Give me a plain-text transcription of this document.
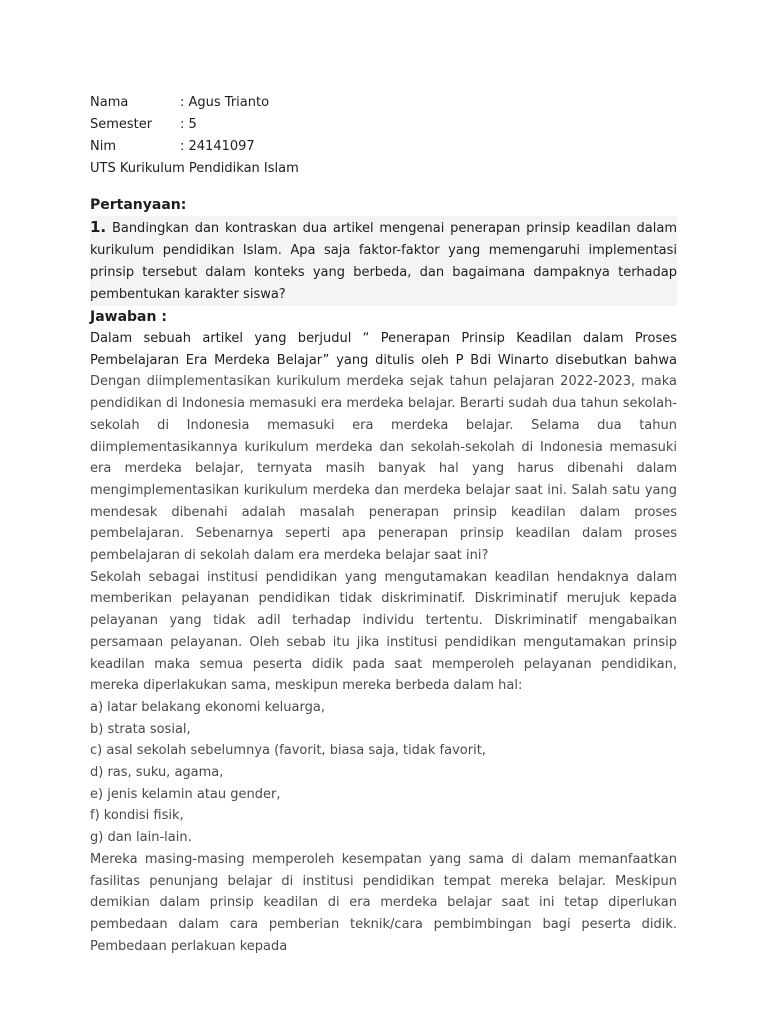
Nama	: Agus Trianto
Semester	: 5
Nim	: 24141097
UTS Kurikulum Pendidikan Islam
Pertanyaan:
1. Bandingkan dan kontraskan dua artikel mengenai penerapan prinsip keadilan dalam kurikulum pendidikan Islam. Apa saja faktor-faktor yang memengaruhi implementasi prinsip tersebut dalam konteks yang berbeda, dan bagaimana dampaknya terhadap pembentukan karakter siswa?
Jawaban :

Dalam sebuah artikel yang berjudul “ Penerapan Prinsip Keadilan dalam Proses Pembelajaran Era Merdeka Belajar” yang ditulis oleh P Bdi Winarto disebutkan bahwa Dengan diimplementasikan kurikulum merdeka sejak tahun pelajaran 2022-2023, maka pendidikan di Indonesia memasuki era merdeka belajar. Berarti sudah dua tahun sekolah-sekolah di Indonesia memasuki era merdeka belajar. Selama dua tahun diimplementasikannya kurikulum merdeka dan sekolah-sekolah di Indonesia memasuki era merdeka belajar, ternyata masih banyak hal yang harus dibenahi dalam mengimplementasikan kurikulum merdeka dan merdeka belajar saat ini. Salah satu yang mendesak dibenahi adalah masalah penerapan prinsip keadilan dalam proses pembelajaran. Sebenarnya seperti apa penerapan prinsip keadilan dalam proses pembelajaran di sekolah dalam era merdeka belajar saat ini?

Sekolah sebagai institusi pendidikan yang mengutamakan keadilan hendaknya dalam memberikan pelayanan pendidikan tidak diskriminatif. Diskriminatif merujuk kepada pelayanan yang tidak adil terhadap individu tertentu. Diskriminatif mengabaikan persamaan pelayanan. Oleh sebab itu jika institusi pendidikan mengutamakan prinsip keadilan maka semua peserta didik pada saat memperoleh pelayanan pendidikan, mereka diperlakukan sama, meskipun mereka berbeda dalam hal:

a) latar belakang ekonomi keluarga,
b) strata sosial,
c) asal sekolah sebelumnya (favorit, biasa saja, tidak favorit,
d) ras, suku, agama,
e) jenis kelamin atau gender,
f) kondisi fisik,
g) dan lain-lain.

Mereka masing-masing memperoleh kesempatan yang sama di dalam memanfaatkan fasilitas penunjang belajar di institusi pendidikan tempat mereka belajar. Meskipun demikian dalam prinsip keadilan di era merdeka belajar saat ini tetap diperlukan pembedaan dalam cara pemberian teknik/cara pembimbingan bagi peserta didik. Pembedaan perlakuan kepada
